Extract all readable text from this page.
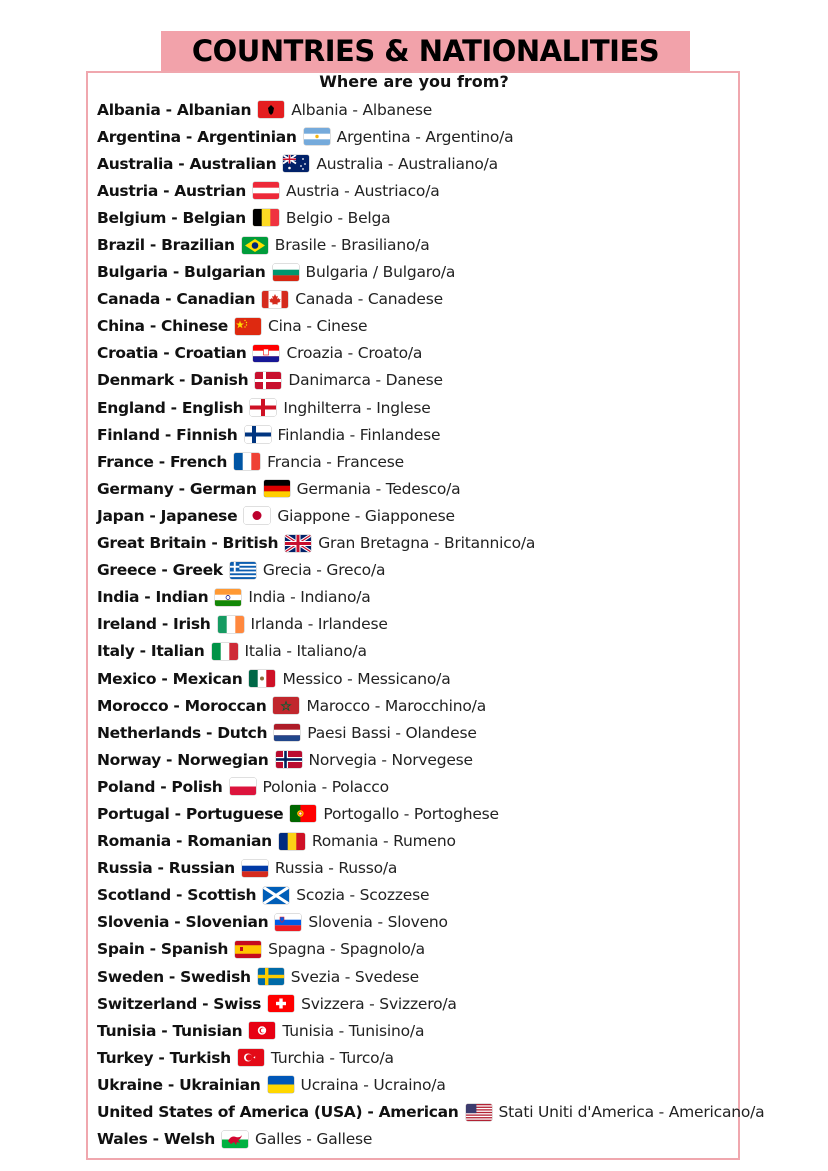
COUNTRIES & NATIONALITIES
Where are you from?
Albania - Albanian	Albania - Albanese
Argentina - Argentinian	Argentina - Argentino/a
Australia - Australian	Australia - Australiano/a
Austria - Austrian	Austria - Austriaco/a
Belgium - Belgian	Belgio - Belga
Brazil - Brazilian	Brasile - Brasiliano/a
Bulgaria - Bulgarian	Bulgaria / Bulgaro/a
Canada - Canadian	Canada - Canadese
China - Chinese	Cina - Cinese
Croatia - Croatian	Croazia - Croato/a
Denmark - Danish	Danimarca - Danese
England - English	Inghilterra - Inglese
Finland - Finnish	Finlandia - Finlandese
France - French	Francia - Francese
Germany - German	Germania - Tedesco/a
Japan - Japanese	Giappone - Giapponese
Great Britain - British	Gran Bretagna - Britannico/a
Greece - Greek	Grecia - Greco/a
India - Indian	India - Indiano/a
Ireland - Irish	Irlanda - Irlandese
Italy - Italian	Italia - Italiano/a
Mexico - Mexican	Messico - Messicano/a
Morocco - Moroccan	Marocco - Marocchino/a
Netherlands - Dutch	Paesi Bassi - Olandese
Norway - Norwegian	Norvegia - Norvegese
Poland - Polish	Polonia - Polacco
Portugal - Portuguese	Portogallo - Portoghese
Romania - Romanian	Romania - Rumeno
Russia - Russian	Russia - Russo/a
Scotland - Scottish	Scozia - Scozzese
Slovenia - Slovenian	Slovenia - Sloveno
Spain - Spanish	Spagna - Spagnolo/a
Sweden - Swedish	Svezia - Svedese
Switzerland - Swiss	Svizzera - Svizzero/a
Tunisia - Tunisian	Tunisia - Tunisino/a
Turkey - Turkish	Turchia - Turco/a
Ukraine - Ukrainian	Ucraina - Ucraino/a
United States of America (USA) - American	Stati Uniti d'America - Americano/a
Wales - Welsh	Galles - Gallese
